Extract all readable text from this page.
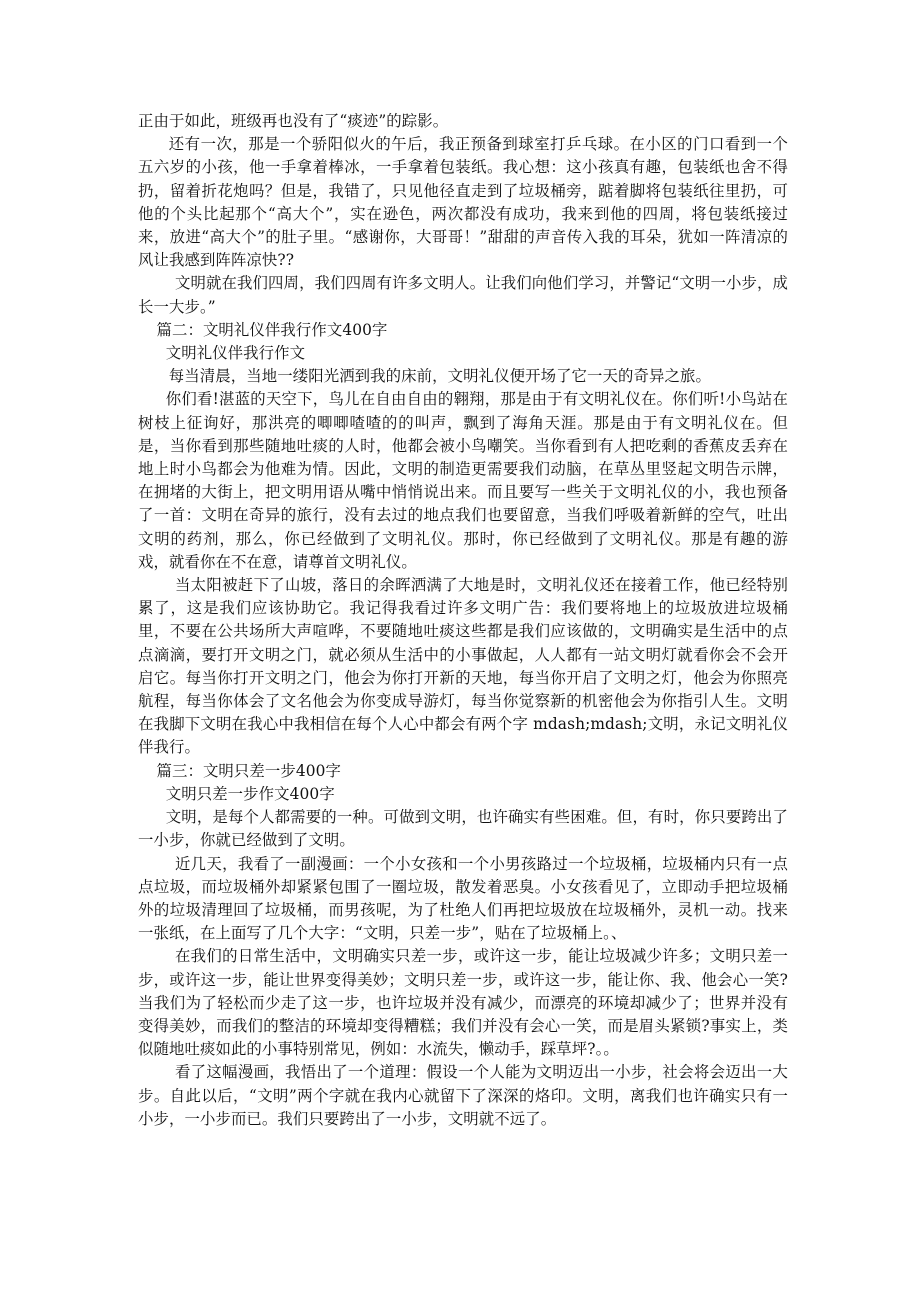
正由于如此，班级再也没有了“痰迹”的踪影。

还有一次，那是一个骄阳似火的午后，我正预备到球室打乒乓球。在小区的门口看到一个五六岁的小孩，他一手拿着棒冰，一手拿着包装纸。我心想：这小孩真有趣，包装纸也舍不得扔，留着折花炮吗？但是，我错了，只见他径直走到了垃圾桶旁，踮着脚将包装纸往里扔，可他的个头比起那个“高大个”，实在逊色，两次都没有成功，我来到他的四周，将包装纸接过来，放进“高大个”的肚子里。“感谢你，大哥哥！”甜甜的声音传入我的耳朵，犹如一阵清凉的风让我感到阵阵凉快??

文明就在我们四周，我们四周有许多文明人。让我们向他们学习，并警记“文明一小步，成长一大步。”

篇二：文明礼仪伴我行作文400字

文明礼仪伴我行作文

每当清晨，当地一缕阳光洒到我的床前，文明礼仪便开场了它一天的奇异之旅。

你们看!湛蓝的天空下，鸟儿在自由自由的翱翔，那是由于有文明礼仪在。你们听!小鸟站在树枝上征询好，那洪亮的唧唧喳喳的的叫声，飘到了海角天涯。那是由于有文明礼仪在。但是，当你看到那些随地吐痰的人时，他都会被小鸟嘲笑。当你看到有人把吃剩的香蕉皮丢弃在地上时小鸟都会为他难为情。因此，文明的制造更需要我们动脑，在草丛里竖起文明告示牌，在拥堵的大街上，把文明用语从嘴中悄悄说出来。而且要写一些关于文明礼仪的小，我也预备了一首：文明在奇异的旅行，没有去过的地点我们也要留意，当我们呼吸着新鲜的空气，吐出文明的药剂，那么，你已经做到了文明礼仪。那时，你已经做到了文明礼仪。那是有趣的游戏，就看你在不在意，请尊首文明礼仪。

当太阳被赶下了山坡，落日的余晖洒满了大地是时，文明礼仪还在接着工作，他已经特别累了，这是我们应该协助它。我记得我看过许多文明广告：我们要将地上的垃圾放进垃圾桶里，不要在公共场所大声喧哗，不要随地吐痰这些都是我们应该做的，文明确实是生活中的点点滴滴，要打开文明之门，就必须从生活中的小事做起，人人都有一站文明灯就看你会不会开启它。每当你打开文明之门，他会为你打开新的天地，每当你开启了文明之灯，他会为你照亮航程，每当你体会了文名他会为你变成导游灯，每当你觉察新的机密他会为你指引人生。文明在我脚下文明在我心中我相信在每个人心中都会有两个字 mdash;mdash;文明，永记文明礼仪伴我行。

篇三：文明只差一步400字

文明只差一步作文400字

文明，是每个人都需要的一种。可做到文明，也许确实有些困难。但，有时，你只要跨出了一小步，你就已经做到了文明。

近几天，我看了一副漫画：一个小女孩和一个小男孩路过一个垃圾桶，垃圾桶内只有一点点垃圾，而垃圾桶外却紧紧包围了一圈垃圾，散发着恶臭。小女孩看见了，立即动手把垃圾桶外的垃圾清理回了垃圾桶，而男孩呢，为了杜绝人们再把垃圾放在垃圾桶外，灵机一动。找来一张纸，在上面写了几个大字：“文明，只差一步”，贴在了垃圾桶上。、

在我们的日常生活中，文明确实只差一步，或许这一步，能让垃圾减少许多；文明只差一步，或许这一步，能让世界变得美妙；文明只差一步，或许这一步，能让你、我、他会心一笑?当我们为了轻松而少走了这一步，也许垃圾并没有减少，而漂亮的环境却减少了；世界并没有变得美妙，而我们的整洁的环境却变得糟糕；我们并没有会心一笑，而是眉头紧锁?事实上，类似随地吐痰如此的小事特别常见，例如：水流失，懒动手，踩草坪?。。

看了这幅漫画，我悟出了一个道理：假设一个人能为文明迈出一小步，社会将会迈出一大步。自此以后，“文明”两个字就在我内心就留下了深深的烙印。文明，离我们也许确实只有一小步，一小步而已。我们只要跨出了一小步，文明就不远了。
